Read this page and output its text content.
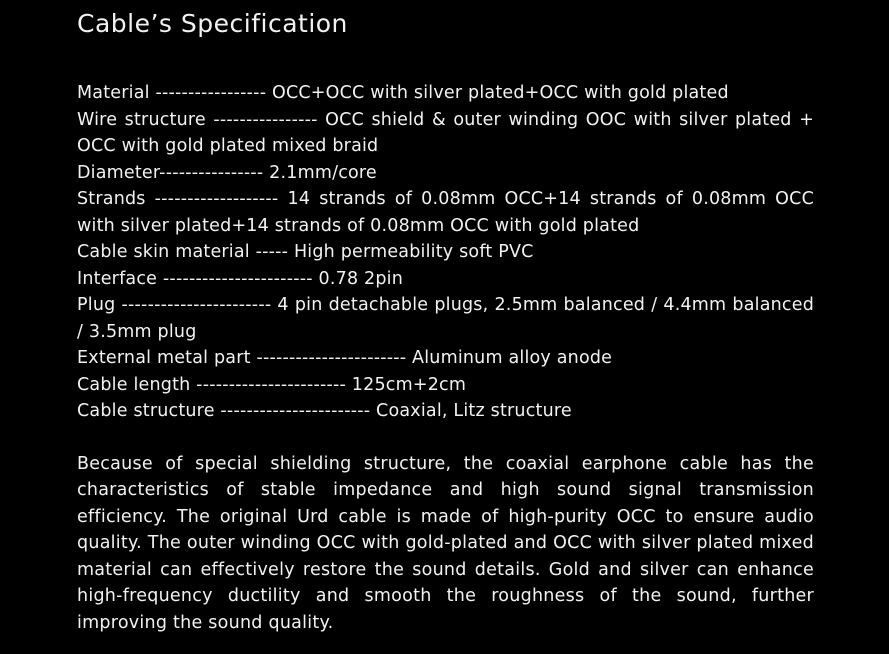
Cable’s Specification
Material ----------------- OCC+OCC with silver plated+OCC with gold plated
Wire structure ---------------- OCC shield & outer winding OOC with silver plated + OCC with gold plated mixed braid
Diameter---------------- 2.1mm/core
Strands ------------------- 14 strands of 0.08mm OCC+14 strands of 0.08mm OCC with silver plated+14 strands of 0.08mm OCC with gold plated
Cable skin material ----- High permeability soft PVC
Interface ----------------------- 0.78 2pin
Plug ----------------------- 4 pin detachable plugs, 2.5mm balanced / 4.4mm balanced / 3.5mm plug
External metal part ----------------------- Aluminum alloy anode
Cable length ----------------------- 125cm+2cm
Cable structure ----------------------- Coaxial, Litz structure

Because of special shielding structure, the coaxial earphone cable has the characteristics of stable impedance and high sound signal transmission efficiency. The original Urd cable is made of high-purity OCC to ensure audio quality. The outer winding OCC with gold-plated and OCC with silver plated mixed material can effectively restore the sound details. Gold and silver can enhance high-frequency ductility and smooth the roughness of the sound, further improving the sound quality.
